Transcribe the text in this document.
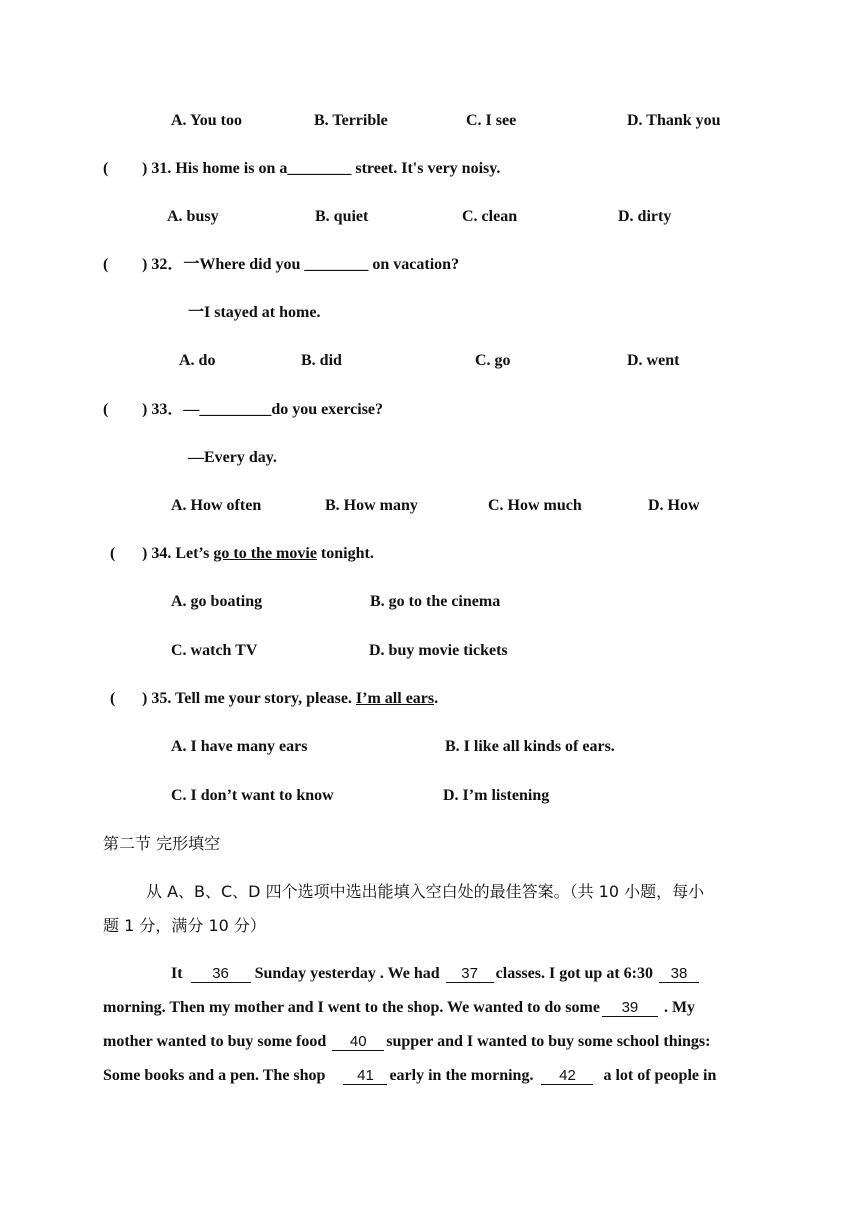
A. You too	B. Terrible	C. I see	D. Thank you
( ) 31. His home is on a________ street. It's very noisy.
A. busy	B. quiet	C. clean	D. dirty
( ) 32．一Where did you ________ on vacation?
一I stayed at home.
A. do	B. did	C. go	D. went
( ) 33．—_________do you exercise?
—Every day.
A. How often	B. How many	C. How much	D. How
( ) 34. Let’s go to the movie tonight.
A. go boating	B. go to the cinema
C. watch TV	D. buy movie tickets
( ) 35. Tell me your story, please. I’m all ears.
A. I have many ears	B. I like all kinds of ears.
C. I don’t want to know	D. I’m listening
第二节 完形填空
从 A、B、C、D 四个选项中选出能填入空白处的最佳答案。（共 10 小题，每小
题 1 分，满分 10 分）
It 36 Sunday yesterday . We had 37 classes. I got up at 6:30 38
morning. Then my mother and I went to the shop. We wanted to do some 39 . My
mother wanted to buy some food 40 supper and I wanted to buy some school things:
Some books and a pen. The shop 41 early in the morning. 42 a lot of people in
